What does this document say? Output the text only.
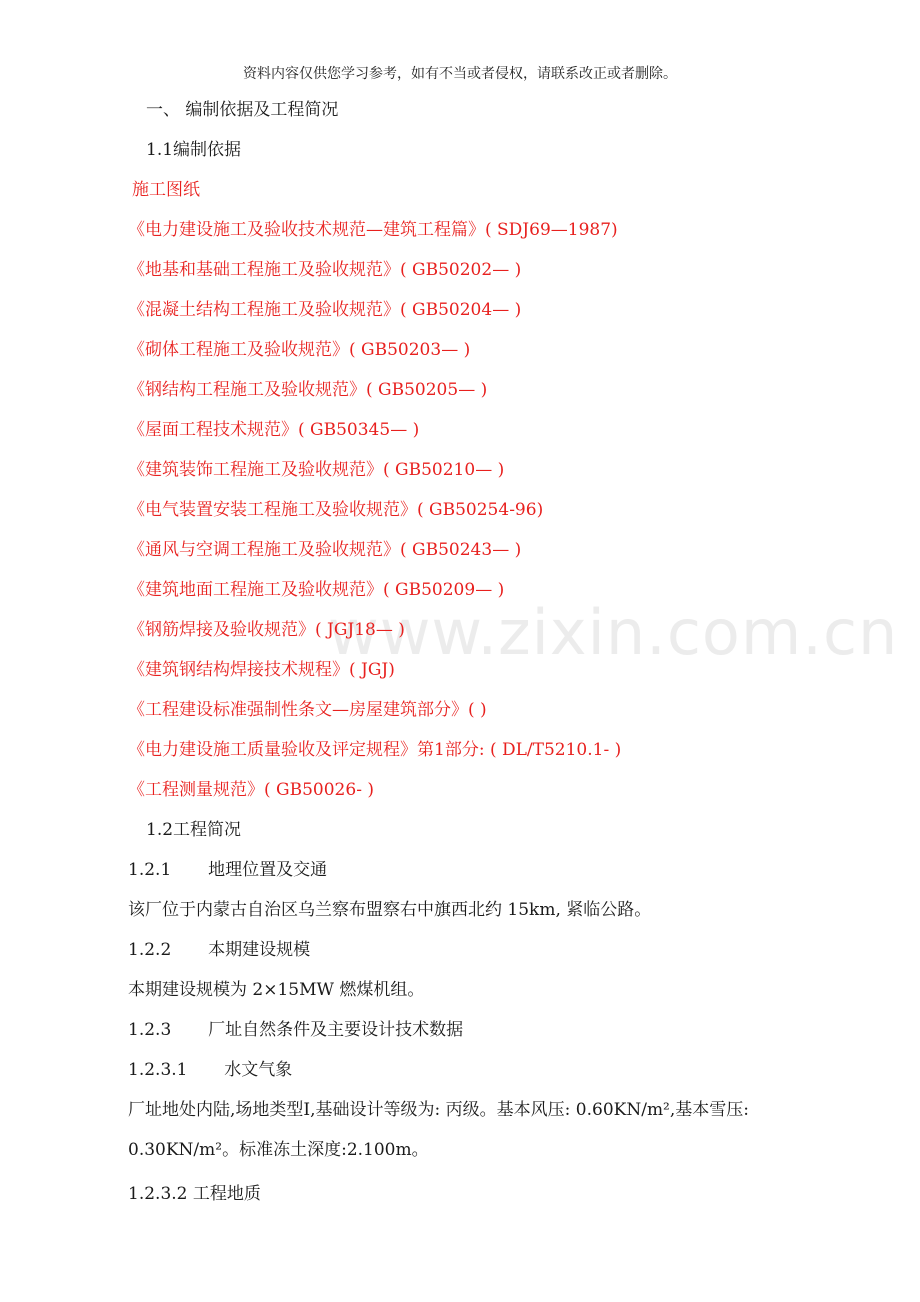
资料内容仅供您学习参考，如有不当或者侵权，请联系改正或者删除。
www.zixin.com.cn
一、 编制依据及工程简况
1.1编制依据
施工图纸
《电力建设施工及验收技术规范—建筑工程篇》( SDJ69—1987)
《地基和基础工程施工及验收规范》( GB50202— )
《混凝土结构工程施工及验收规范》( GB50204— )
《砌体工程施工及验收规范》( GB50203— )
《钢结构工程施工及验收规范》( GB50205— )
《屋面工程技术规范》( GB50345— )
《建筑装饰工程施工及验收规范》( GB50210— )
《电气装置安装工程施工及验收规范》( GB50254-96)
《通风与空调工程施工及验收规范》( GB50243— )
《建筑地面工程施工及验收规范》( GB50209— )
《钢筋焊接及验收规范》( JGJ18— )
《建筑钢结构焊接技术规程》( JGJ)
《工程建设标准强制性条文—房屋建筑部分》( )
《电力建设施工质量验收及评定规程》第1部分: ( DL/T5210.1- )
《工程测量规范》( GB50026- )
1.2工程简况
1.2.1 地理位置及交通
该厂位于内蒙古自治区乌兰察布盟察右中旗西北约 15km, 紧临公路。
1.2.2 本期建设规模
本期建设规模为 2×15MW 燃煤机组。
1.2.3 厂址自然条件及主要设计技术数据
1.2.3.1 水文气象
厂址地处内陆,场地类型Ⅰ,基础设计等级为: 丙级。基本风压: 0.60KN/m²,基本雪压:
0.30KN/m²。标准冻土深度:2.100m。
1.2.3.2 工程地质
